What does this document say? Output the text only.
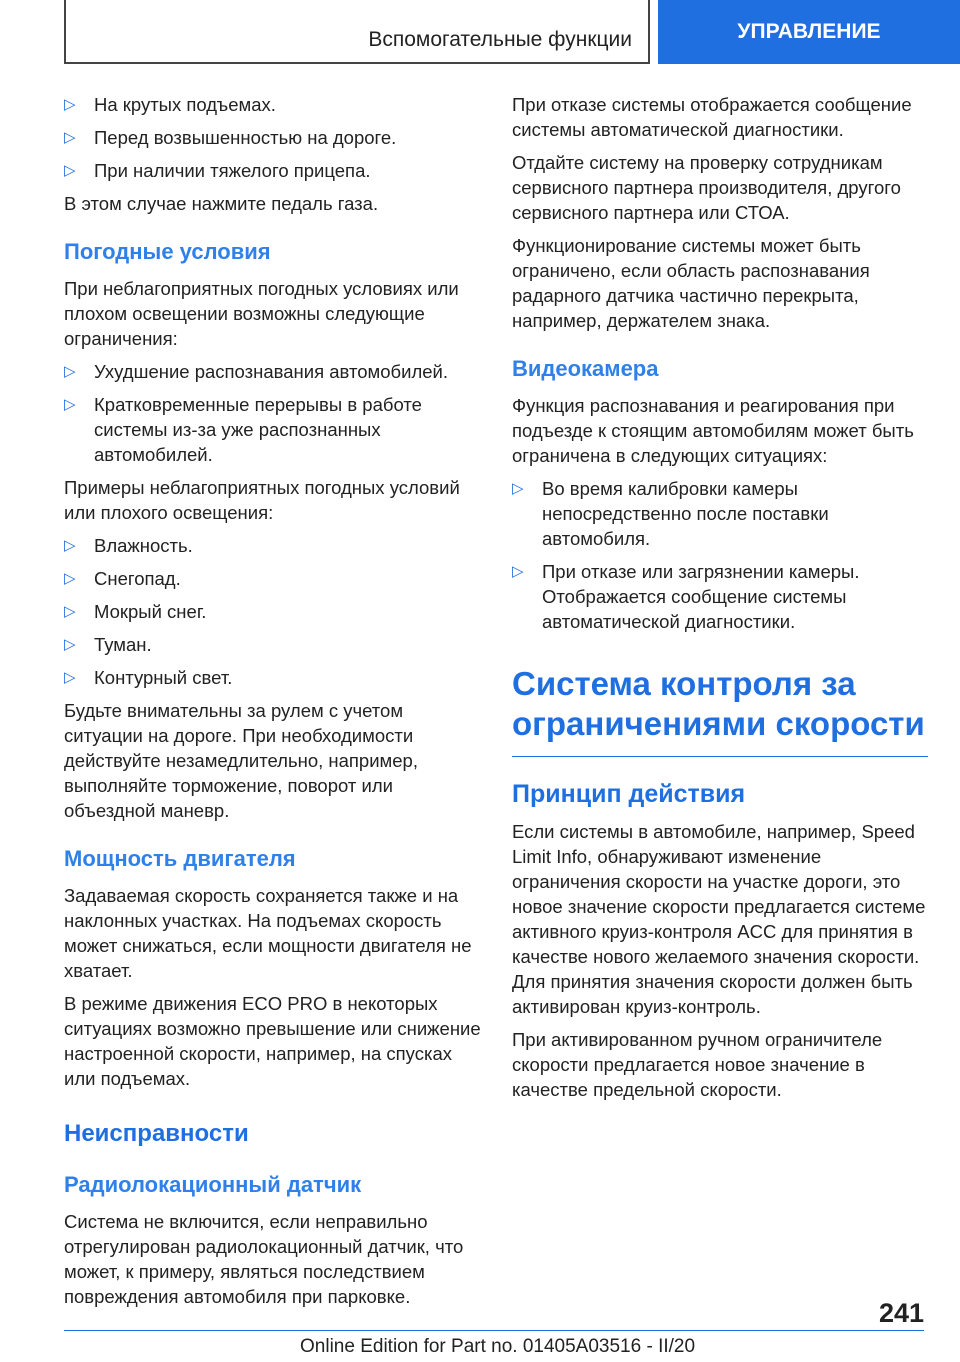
Вспомогательные функции	УПРАВЛЕНИЕ
▷ На крутых подъемах.
▷ Перед возвышенностью на дороге.
▷ При наличии тяжелого прицепа.

В этом случае нажмите педаль газа.

Погодные условия

При неблагоприятных погодных условиях или плохом освещении возможны следующие ограничения:

▷ Ухудшение распознавания автомобилей.
▷ Кратковременные перерывы в работе системы из-за уже распознанных автомобилей.

Примеры неблагоприятных погодных условий или плохого освещения:

▷ Влажность.
▷ Снегопад.
▷ Мокрый снег.
▷ Туман.
▷ Контурный свет.

Будьте внимательны за рулем с учетом ситуации на дороге. При необходимости действуйте незамедлительно, например, выполняйте торможение, поворот или объездной маневр.

Мощность двигателя

Задаваемая скорость сохраняется также и на наклонных участках. На подъемах скорость может снижаться, если мощности двигателя не хватает.

В режиме движения ECO PRO в некоторых ситуациях возможно превышение или снижение настроенной скорости, например, на спусках или подъемах.

Неисправности
Радиолокационный датчик

Система не включится, если неправильно отрегулирован радиолокационный датчик, что может, к примеру, являться последствием повреждения автомобиля при парковке.

При отказе системы отображается сообщение системы автоматической диагностики.

Отдайте систему на проверку сотрудникам сервисного партнера производителя, другого сервисного партнера или СТОА.

Функционирование системы может быть ограничено, если область распознавания радарного датчика частично перекрыта, например, держателем знака.

Видеокамера

Функция распознавания и реагирования при подъезде к стоящим автомобилям может быть ограничена в следующих ситуациях:

▷ Во время калибровки камеры непосредственно после поставки автомобиля.
▷ При отказе или загрязнении камеры. Отображается сообщение системы автоматической диагностики.
Система контроля за ограничениями скорости
Принцип действия

Если системы в автомобиле, например, Speed Limit Info, обнаруживают изменение ограничения скорости на участке дороги, это новое значение скорости предлагается системе активного круиз-контроля ACC для принятия в качестве нового желаемого значения скорости. Для принятия значения скорости должен быть активирован круиз-контроль.

При активированном ручном ограничителе скорости предлагается новое значение в качестве предельной скорости.

241
Online Edition for Part no. 01405A03516 - II/20
